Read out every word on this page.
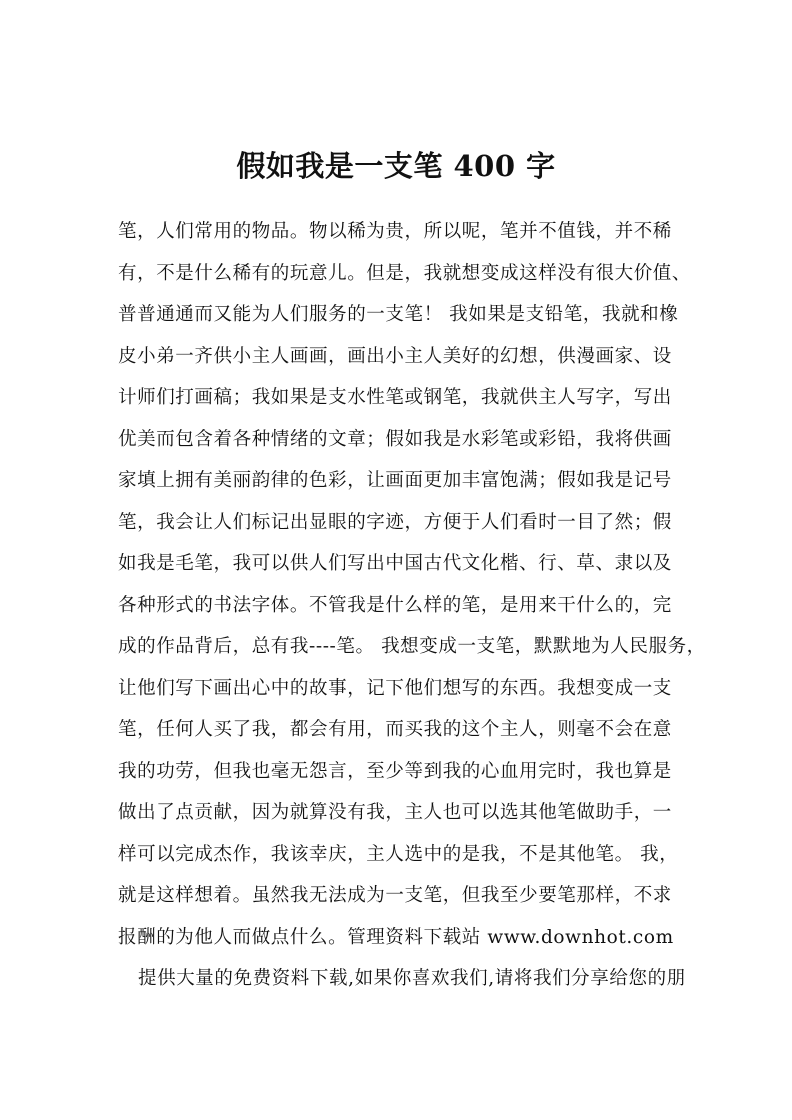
假如我是一支笔 400 字
笔，人们常用的物品。物以稀为贵，所以呢，笔并不值钱，并不稀
有，不是什么稀有的玩意儿。但是，我就想变成这样没有很大价值、
普普通通而又能为人们服务的一支笔！ 我如果是支铅笔，我就和橡
皮小弟一齐供小主人画画，画出小主人美好的幻想，供漫画家、设
计师们打画稿；我如果是支水性笔或钢笔，我就供主人写字，写出
优美而包含着各种情绪的文章；假如我是水彩笔或彩铅，我将供画
家填上拥有美丽韵律的色彩，让画面更加丰富饱满；假如我是记号
笔，我会让人们标记出显眼的字迹，方便于人们看时一目了然；假
如我是毛笔，我可以供人们写出中国古代文化楷、行、草、隶以及
各种形式的书法字体。不管我是什么样的笔，是用来干什么的，完
成的作品背后，总有我----笔。 我想变成一支笔，默默地为人民服务，
让他们写下画出心中的故事，记下他们想写的东西。我想变成一支
笔，任何人买了我，都会有用，而买我的这个主人，则毫不会在意
我的功劳，但我也毫无怨言，至少等到我的心血用完时，我也算是
做出了点贡献，因为就算没有我，主人也可以选其他笔做助手，一
样可以完成杰作，我该幸庆，主人选中的是我，不是其他笔。 我，
就是这样想着。虽然我无法成为一支笔，但我至少要笔那样，不求
报酬的为他人而做点什么。管理资料下载站 www.downhot.com
提供大量的免费资料下载,如果你喜欢我们,请将我们分享给您的朋
